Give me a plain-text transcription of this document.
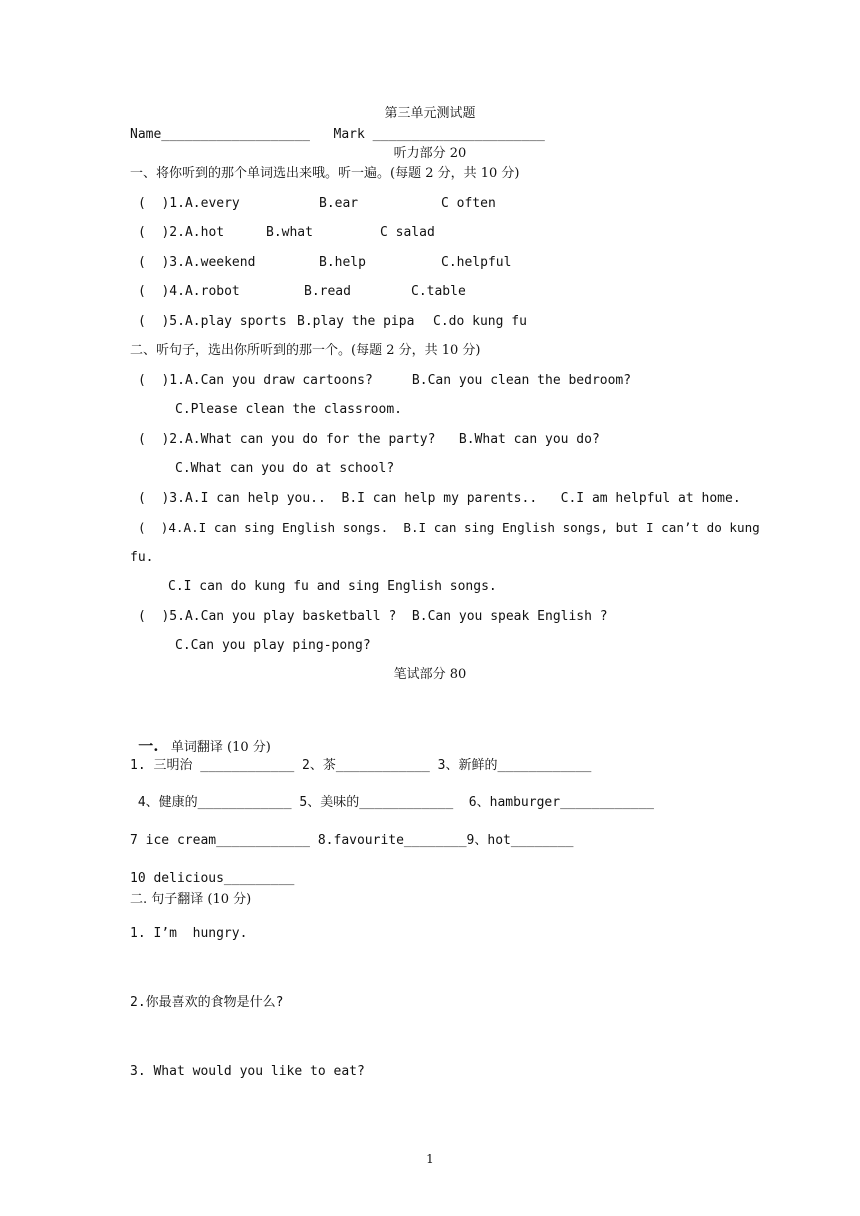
第三单元测试题
Name___________________   Mark ______________________
听力部分 20
一、将你听到的那个单词选出来哦。听一遍。(每题 2 分，共 10 分)
(  )1.A.every	B.ear	C often
(  )2.A.hot	B.what	C salad
(  )3.A.weekend	B.help	C.helpful
(  )4.A.robot	B.read	C.table
(  )5.A.play sports B.play the pipa C.do kung fu
二、听句子，选出你所听到的那一个。(每题 2 分，共 10 分)
(  )1.A.Can you draw cartoons?     B.Can you clean the bedroom?
C.Please clean the classroom.
(  )2.A.What can you do for the party?   B.What can you do?
C.What can you do at school?
(  )3.A.I can help you..  B.I can help my parents..   C.I am helpful at home.
(  )4.A.I can sing English songs.  B.I can sing English songs, but I can’t do kung
fu.
C.I can do kung fu and sing English songs.
(  )5.A.Can you play basketball ?  B.Can you speak English ?
C.Can you play ping-pong?
笔试部分 80

一. 单词翻译 (10 分)

1. 三明治 ____________ 2、茶____________ 3、新鲜的____________
4、健康的____________ 5、美味的____________  6、hamburger____________
7 ice cream____________ 8.favourite________9、hot________
10 delicious_________
二. 句子翻译 (10 分)
1. I’m  hungry.
2.你最喜欢的食物是什么?
3. What would you like to eat?
1
